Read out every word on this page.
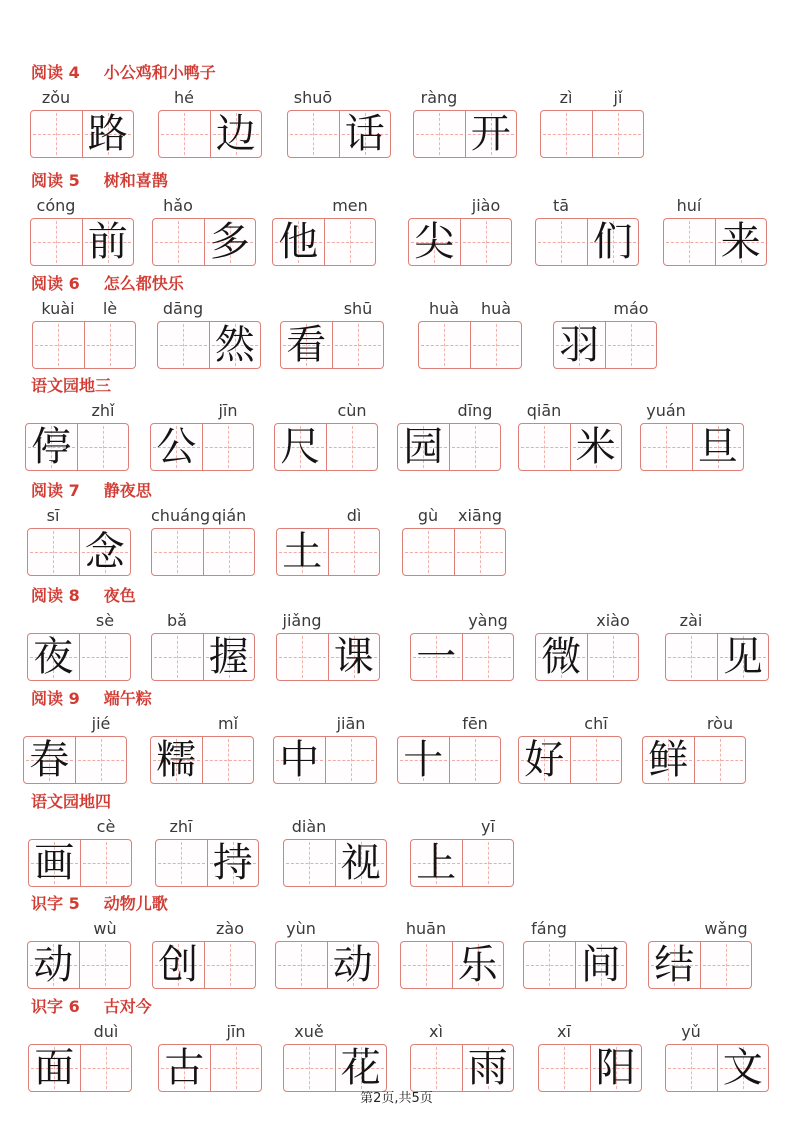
阅读 4 小公鸡和小鸭子
zǒu
路
hé
边
shuō
话
ràng
开
zì	jǐ
阅读 5 树和喜鹊
cóng
前
hǎo
多
men
他
jiào
尖
tā
们
huí
来
阅读 6 怎么都快乐
kuài	lè	dāng
然
shū
看
huà	huà	máo
羽
语文园地三
zhǐ
停
jīn
公
cùn
尺
dīng
园
qiān
米
yuán
旦
阅读 7 静夜思
sī
念
chuáng qián	dì
土
gù	xiāng
阅读 8 夜色
sè
夜
bǎ
握
jiǎng
课
yàng
一
xiào
微
zài
见
阅读 9 端午粽
jié
春
mǐ
糯
jiān
中
fēn
十
chī
好
ròu
鲜
语文园地四
cè
画
zhī
持
diàn
视
yī
上
识字 5 动物儿歌
wù
动
zào
创
yùn
动
huān
乐
fáng
间
wǎng
结
识字 6 古对今
duì
面
jīn
古
xuě
花
xì
雨
xī
阳
yǔ
文
第2页,共5页
